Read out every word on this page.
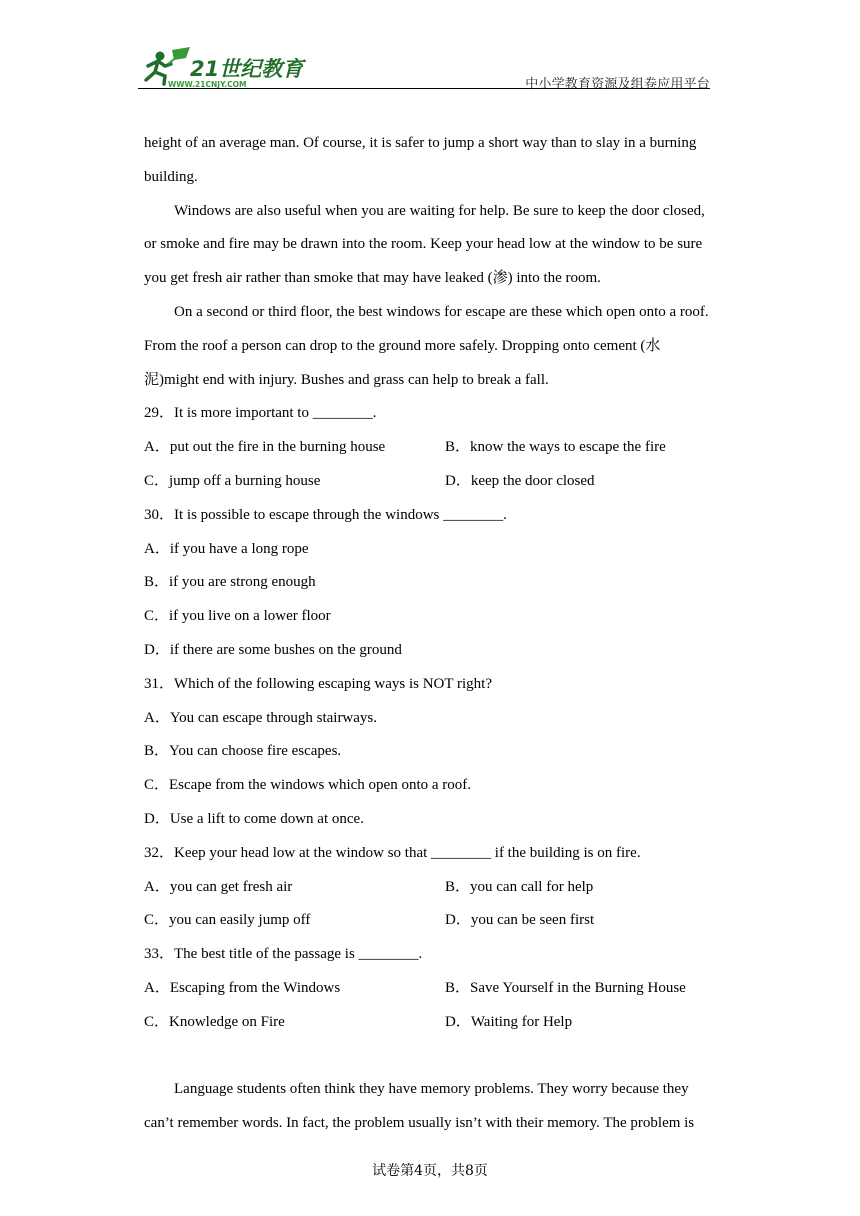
21世纪教育
WWW.21CNJY.COM	中小学教育资源及组卷应用平台
height of an average man. Of course, it is safer to jump a short way than to slay in a burning
building.
Windows are also useful when you are waiting for help. Be sure to keep the door closed,
or smoke and fire may be drawn into the room. Keep your head low at the window to be sure
you get fresh air rather than smoke that may have leaked (渗) into the room.
On a second or third floor, the best windows for escape are these which open onto a roof.
From the roof a person can drop to the ground more safely. Dropping onto cement (水
泥)might end with injury. Bushes and grass can help to break a fall.
29．It is more important to ________.
A．put out the fire in the burning house	B．know the ways to escape the fire
C．jump off a burning house	D．keep the door closed
30．It is possible to escape through the windows ________.
A．if you have a long rope
B．if you are strong enough
C．if you live on a lower floor
D．if there are some bushes on the ground
31．Which of the following escaping ways is NOT right?
A．You can escape through stairways.
B．You can choose fire escapes.
C．Escape from the windows which open onto a roof.
D．Use a lift to come down at once.
32．Keep your head low at the window so that ________ if the building is on fire.
A．you can get fresh air	B．you can call for help
C．you can easily jump off	D．you can be seen first
33．The best title of the passage is ________.
A．Escaping from the Windows	B．Save Yourself in the Burning House
C．Knowledge on Fire	D．Waiting for Help
Language students often think they have memory problems. They worry because they
can’t remember words. In fact, the problem usually isn’t with their memory. The problem is
试卷第4页，共8页
